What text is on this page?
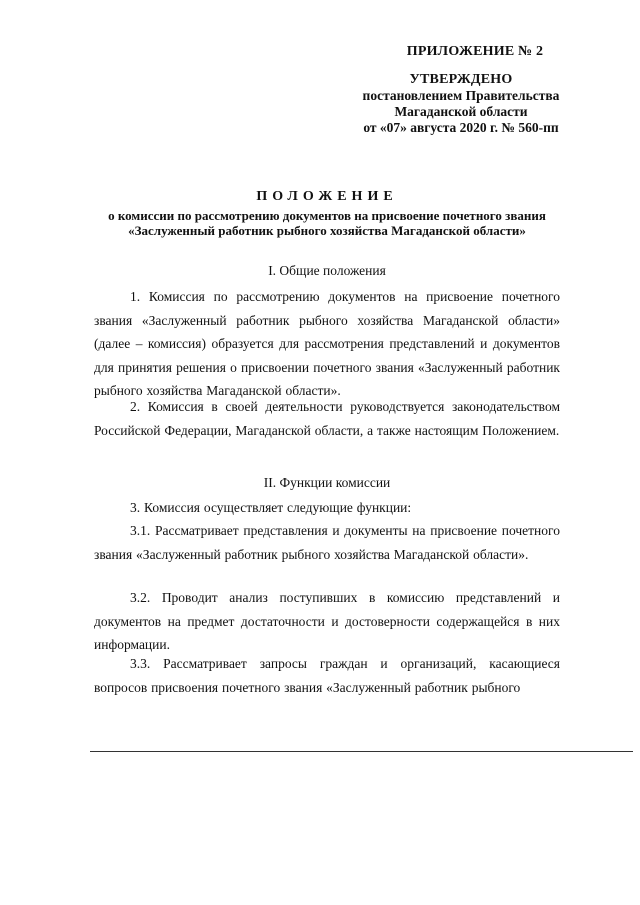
ПРИЛОЖЕНИЕ № 2
УТВЕРЖДЕНО
постановлением Правительства
Магаданской области
от «07» августа 2020 г. № 560-пп
ПОЛОЖЕНИЕ
о комиссии по рассмотрению документов на присвоение почетного звания «Заслуженный работник рыбного хозяйства Магаданской области»
I. Общие положения

1. Комиссия по рассмотрению документов на присвоение почетного звания «Заслуженный работник рыбного хозяйства Магаданской области» (далее – комиссия) образуется для рассмотрения представлений и документов для принятия решения о присвоении почетного звания «Заслуженный работник рыбного хозяйства Магаданской области».

2. Комиссия в своей деятельности руководствуется законодательством Российской Федерации, Магаданской области, а также настоящим Положением.

II. Функции комиссии

3. Комиссия осуществляет следующие функции:

3.1. Рассматривает представления и документы на присвоение почетного звания «Заслуженный работник рыбного хозяйства Магаданской области».

3.2. Проводит анализ поступивших в комиссию представлений и документов на предмет достаточности и достоверности содержащейся в них информации.

3.3. Рассматривает запросы граждан и организаций, касающиеся вопросов присвоения почетного звания «Заслуженный работник рыбного
